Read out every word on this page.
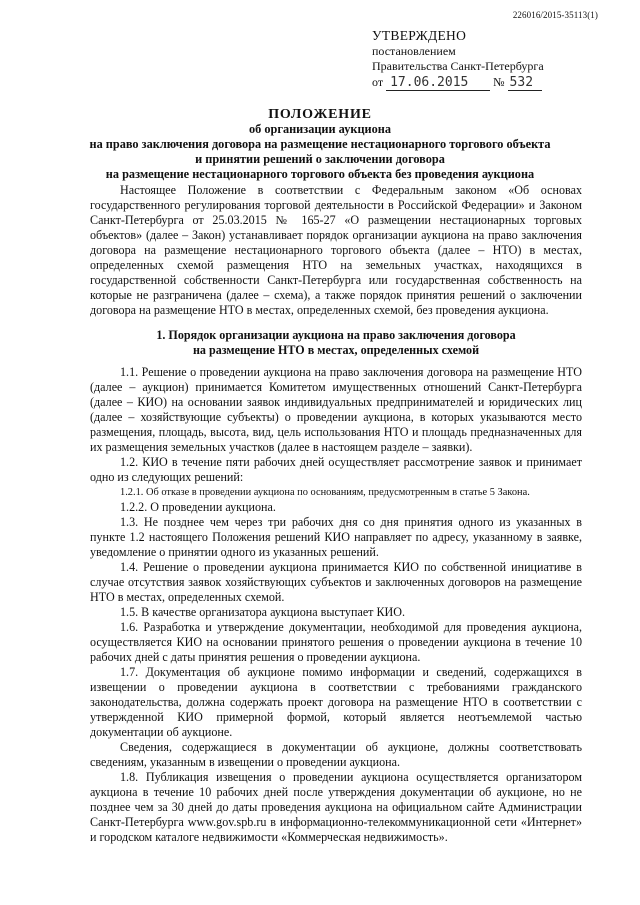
226016/2015-35113(1)
УТВЕРЖДЕНО
постановлением
Правительства Санкт-Петербурга
от 17.06.2015 № 532
ПОЛОЖЕНИЕ
об организации аукциона
на право заключения договора на размещение нестационарного торгового объекта
и принятии решений о заключении договора
на размещение нестационарного торгового объекта без проведения аукциона

Настоящее Положение в соответствии с Федеральным законом «Об основах государственного регулирования торговой деятельности в Российской Федерации» и Законом Санкт-Петербурга от 25.03.2015 № 165-27 «О размещении нестационарных торговых объектов» (далее – Закон) устанавливает порядок организации аукциона на право заключения договора на размещение нестационарного торгового объекта (далее – НТО) в местах, определенных схемой размещения НТО на земельных участках, находящихся в государственной собственности Санкт-Петербурга или государственная собственность на которые не разграничена (далее – схема), а также порядок принятия решений о заключении договора на размещение НТО в местах, определенных схемой, без проведения аукциона.

1. Порядок организации аукциона на право заключения договора
на размещение НТО в местах, определенных схемой

1.1. Решение о проведении аукциона на право заключения договора на размещение НТО (далее – аукцион) принимается Комитетом имущественных отношений Санкт-Петербурга (далее – КИО) на основании заявок индивидуальных предпринимателей и юридических лиц (далее – хозяйствующие субъекты) о проведении аукциона, в которых указываются место размещения, площадь, высота, вид, цель использования НТО и площадь предназначенных для их размещения земельных участков (далее в настоящем разделе – заявки).

1.2. КИО в течение пяти рабочих дней осуществляет рассмотрение заявок и принимает одно из следующих решений:

1.2.1. Об отказе в проведении аукциона по основаниям, предусмотренным в статье 5 Закона.

1.2.2. О проведении аукциона.

1.3. Не позднее чем через три рабочих дня со дня принятия одного из указанных в пункте 1.2 настоящего Положения решений КИО направляет по адресу, указанному в заявке, уведомление о принятии одного из указанных решений.

1.4. Решение о проведении аукциона принимается КИО по собственной инициативе в случае отсутствия заявок хозяйствующих субъектов и заключенных договоров на размещение НТО в местах, определенных схемой.

1.5. В качестве организатора аукциона выступает КИО.

1.6. Разработка и утверждение документации, необходимой для проведения аукциона, осуществляется КИО на основании принятого решения о проведении аукциона в течение 10 рабочих дней с даты принятия решения о проведении аукциона.

1.7. Документация об аукционе помимо информации и сведений, содержащихся в извещении о проведении аукциона в соответствии с требованиями гражданского законодательства, должна содержать проект договора на размещение НТО в соответствии с утвержденной КИО примерной формой, который является неотъемлемой частью документации об аукционе.

Сведения, содержащиеся в документации об аукционе, должны соответствовать сведениям, указанным в извещении о проведении аукциона.

1.8. Публикация извещения о проведении аукциона осуществляется организатором аукциона в течение 10 рабочих дней после утверждения документации об аукционе, но не позднее чем за 30 дней до даты проведения аукциона на официальном сайте Администрации Санкт-Петербурга www.gov.spb.ru в информационно-телекоммуникационной сети «Интернет» и городском каталоге недвижимости «Коммерческая недвижимость».
